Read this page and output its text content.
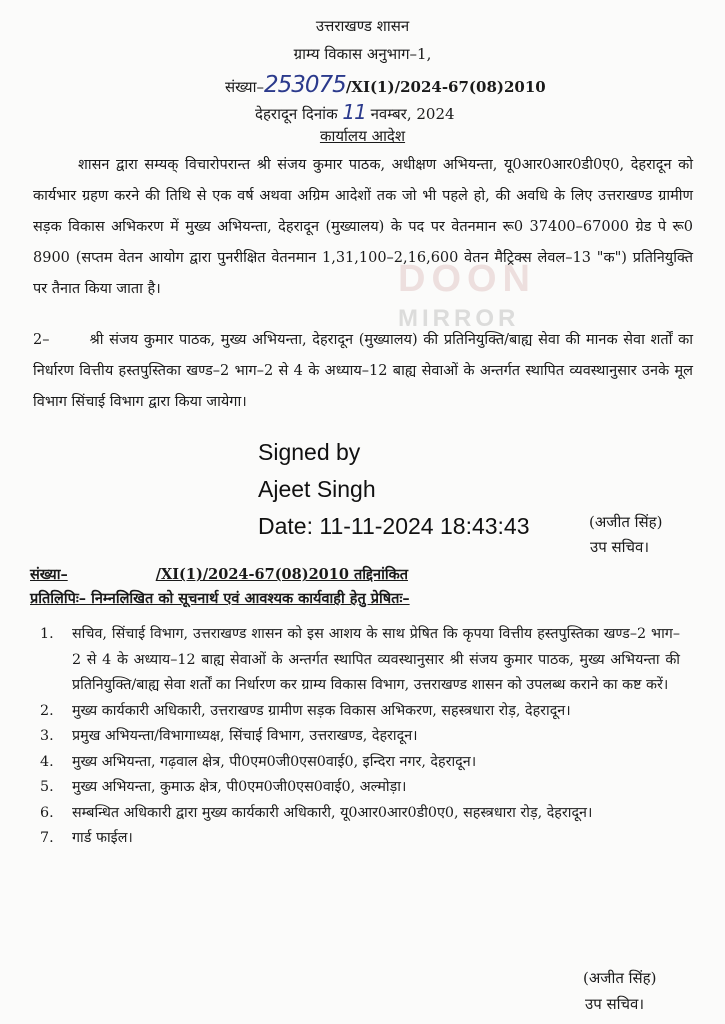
DOON
MIRROR
उत्तराखण्ड शासन
ग्राम्य विकास अनुभाग–1,
संख्या–253075/XI(1)/2024-67(08)2010
देहरादून दिनांक 11 नवम्बर, 2024
कार्यालय आदेश
शासन द्वारा सम्यक् विचारोपरान्त श्री संजय कुमार पाठक, अधीक्षण अभियन्ता, यू0आर0आर0डी0ए0, देहरादून को कार्यभार ग्रहण करने की तिथि से एक वर्ष अथवा अग्रिम आदेशों तक जो भी पहले हो, की अवधि के लिए उत्तराखण्ड ग्रामीण सड़क विकास अभिकरण में मुख्य अभियन्ता, देहरादून (मुख्यालय) के पद पर वेतनमान रू0 37400–67000 ग्रेड पे रू0 8900 (सप्तम वेतन आयोग द्वारा पुनरीक्षित वेतनमान 1,31,100–2,16,600 वेतन मैट्रिक्स लेवल–13 "क") प्रतिनियुक्ति पर तैनात किया जाता है।
2–	श्री संजय कुमार पाठक, मुख्य अभियन्ता, देहरादून (मुख्यालय) की प्रतिनियुक्ति/बाह्य सेवा की मानक सेवा शर्तों का निर्धारण वित्तीय हस्तपुस्तिका खण्ड–2 भाग–2 से 4 के अध्याय–12 बाह्य सेवाओं के अन्तर्गत स्थापित व्यवस्थानुसार उनके मूल विभाग सिंचाई विभाग द्वारा किया जायेगा।
Signed by
Ajeet Singh
Date: 11-11-2024 18:43:43	(अजीत सिंह)
उप सचिव।
संख्या–	/XI(1)/2024-67(08)2010 तद्दिनांकित
प्रतिलिपिः– निम्नलिखित को सूचनार्थ एवं आवश्यक कार्यवाही हेतु प्रेषितः–
1.	सचिव, सिंचाई विभाग, उत्तराखण्ड शासन को इस आशय के साथ प्रेषित कि कृपया वित्तीय हस्तपुस्तिका खण्ड–2 भाग–2 से 4 के अध्याय–12 बाह्य सेवाओं के अन्तर्गत स्थापित व्यवस्थानुसार श्री संजय कुमार पाठक, मुख्य अभियन्ता की प्रतिनियुक्ति/बाह्य सेवा शर्तों का निर्धारण कर ग्राम्य विकास विभाग, उत्तराखण्ड शासन को उपलब्ध कराने का कष्ट करें।
2.	मुख्य कार्यकारी अधिकारी, उत्तराखण्ड ग्रामीण सड़क विकास अभिकरण, सहस्त्रधारा रोड़, देहरादून।
3.	प्रमुख अभियन्ता/विभागाध्यक्ष, सिंचाई विभाग, उत्तराखण्ड, देहरादून।
4.	मुख्य अभियन्ता, गढ़वाल क्षेत्र, पी0एम0जी0एस0वाई0, इन्दिरा नगर, देहरादून।
5.	मुख्य अभियन्ता, कुमाऊ क्षेत्र, पी0एम0जी0एस0वाई0, अल्मोड़ा।
6.	सम्बन्धित अधिकारी द्वारा मुख्य कार्यकारी अधिकारी, यू0आर0आर0डी0ए0, सहस्त्रधारा रोड़, देहरादून।
7.	गार्ड फाईल।
(अजीत सिंह)
उप सचिव।
